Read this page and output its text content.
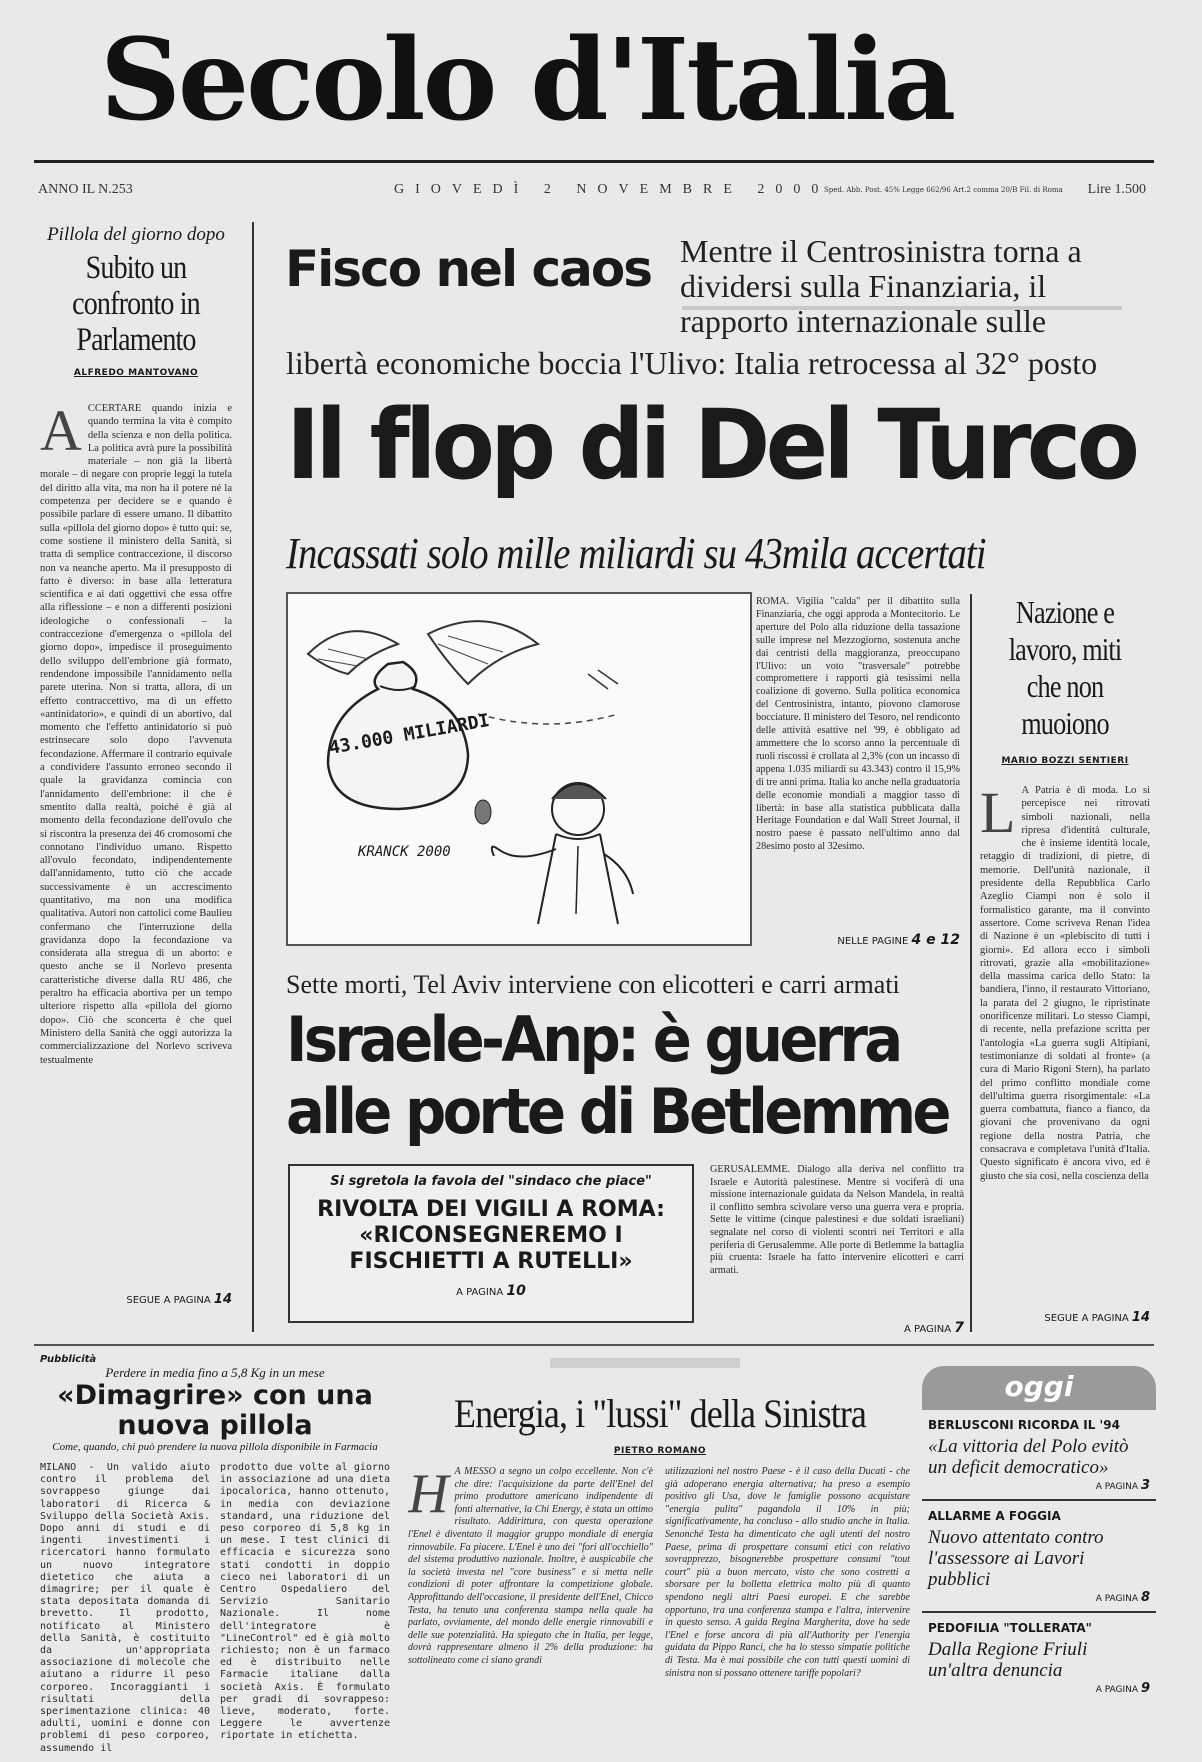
Secolo d'Italia
ANNO IL N.253	GIOVEDÌ 2 NOVEMBRE 2000
Sped. Abb. Post. 45% Legge 662/96 Art.2 comma 20/B Fil. di Roma Lire 1.500
Pillola del giorno dopo
Subito un confronto in Parlamento
ALFREDO MANTOVANO
ACCERTARE quando inizia e quando termina la vita è compito della scienza e non della politica. La politica avrà pure la possibilità materiale – non già la libertà morale – di negare con proprie leggi la tutela del diritto alla vita, ma non ha il potere né la competenza per decidere se e quando è possibile parlare di essere umano. Il dibattito sulla «pillola del giorno dopo» è tutto qui: se, come sostiene il ministero della Sanità, si tratta di semplice contraccezione, il discorso non va neanche aperto. Ma il presupposto di fatto è diverso: in base alla letteratura scientifica e ai dati oggettivi che essa offre alla riflessione – e non a differenti posizioni ideologiche o confessionali – la contraccezione d'emergenza o «pillola del giorno dopo», impedisce il proseguimento dello sviluppo dell'embrione già formato, rendendone impossibile l'annidamento nella parete uterina. Non si tratta, allora, di un effetto contraccettivo, ma di un effetto «antinidatorio», e quindi di un abortivo, dal momento che l'effetto antinidatorio si può estrinsecare solo dopo l'avvenuta fecondazione. Affermare il contrario equivale a condividere l'assunto erroneo secondo il quale la gravidanza comincia con l'annidamento dell'embrione: il che è smentito dalla realtà, poiché è già al momento della fecondazione dell'ovulo che si riscontra la presenza dei 46 cromosomi che connotano l'individuo umano. Rispetto all'ovulo fecondato, indipendentemente dall'annidamento, tutto ciò che accade successivamente è un accrescimento quantitativo, ma non una modifica qualitativa. Autori non cattolici come Baulieu confermano che l'interruzione della gravidanza dopo la fecondazione va considerata alla stregua di un aborto: e questo anche se il Norlevo presenta caratteristiche diverse dalla RU 486, che peraltro ha efficacia abortiva per un tempo ulteriore rispetto alla «pillola del giorno dopo». Ciò che sconcerta è che quel Ministero della Sanità che oggi autorizza la commercializzazione del Norlevo scriveva testualmente
SEGUE A PAGINA 14
Fisco nel caos Mentre il Centrosinistra torna a dividersi sulla Finanziaria, il rapporto internazionale sulle
libertà economiche boccia l'Ulivo: Italia retrocessa al 32° posto
Il flop di Del Turco
Incassati solo mille miliardi su 43mila accertati
43.000 MILIARDI
KRANCK 2000
ROMA. Vigilia "calda" per il dibattito sulla Finanziaria, che oggi approda a Montecitorio. Le aperture del Polo alla riduzione della tassazione sulle imprese nel Mezzogiorno, sostenuta anche dai centristi della maggioranza, preoccupano l'Ulivo: un voto "trasversale" potrebbe compromettere i rapporti già tesissimi nella coalizione di governo. Sulla politica economica del Centrosinistra, intanto, piovono clamorose bocciature. Il ministero del Tesoro, nel rendiconto delle attività esattive nel '99, è obbligato ad ammettere che lo scorso anno la percentuale di ruoli riscossi è crollata al 2,3% (con un incasso di appena 1.035 miliardi su 43.343) contro il 15,9% di tre anni prima. Italia ko anche nella graduatoria delle economie mondiali a maggior tasso di libertà: in base alla statistica pubblicata dalla Heritage Foundation e dal Wall Street Journal, il nostro paese è passato nell'ultimo anno dal 28esimo posto al 32esimo.
NELLE PAGINE 4 e 12
Nazione e lavoro, miti che non muoiono
MARIO BOZZI SENTIERI
L A Patria è di moda. Lo si percepisce nei ritrovati simboli nazionali, nella ripresa d'identità culturale, che è insieme identità locale, retaggio di tradizioni, di pietre, di memorie. Dell'unità nazionale, il presidente della Repubblica Carlo Azeglio Ciampi non è solo il formalistico garante, ma il convinto assertore. Come scriveva Renan l'idea di Nazione è un «plebiscito di tutti i giorni». Ed allora ecco i simboli ritrovati, grazie alla «mobilitazione» della massima carica dello Stato: la bandiera, l'inno, il restaurato Vittoriano, la parata del 2 giugno, le ripristinate onorificenze militari. Lo stesso Ciampi, di recente, nella prefazione scritta per l'antologia «La guerra sugli Altipiani, testimonianze di soldati al fronte» (a cura di Mario Rigoni Stern), ha parlato del primo conflitto mondiale come dell'ultima guerra risorgimentale: «La guerra combattuta, fianco a fianco, da giovani che provenivano da ogni regione della nostra Patria, che consacrava e completava l'unità d'Italia. Questo significato è ancora vivo, ed è giusto che sia così, nella coscienza della
SEGUE A PAGINA 14
Sette morti, Tel Aviv interviene con elicotteri e carri armati
Israele-Anp: è guerra
alle porte di Betlemme
Si sgretola la favola del "sindaco che piace"
RIVOLTA DEI VIGILI A ROMA: «RICONSEGNEREMO I FISCHIETTI A RUTELLI»
A PAGINA 10
GERUSALEMME. Dialogo alla deriva nel conflitto tra Israele e Autorità palestinese. Mentre si vociferà di una missione internazionale guidata da Nelson Mandela, in realtà il conflitto sembra scivolare verso una guerra vera e propria. Sette le vittime (cinque palestinesi e due soldati israeliani) segnalate nel corso di violenti scontri nei Territori e alla periferia di Gerusalemme. Alle porte di Betlemme la battaglia più cruenta: Israele ha fatto intervenire elicotteri e carri armati.
A PAGINA 7
Pubblicità
Perdere in media fino a 5,8 Kg in un mese
«Dimagrire» con una nuova pillola
Come, quando, chi può prendere la nuova pillola disponibile in Farmacia
MILANO - Un valido aiuto contro il problema del sovrappeso giunge dai laboratori di Ricerca & Sviluppo della Società Axis. Dopo anni di studi e di ingenti investimenti i ricercatori hanno formulato un nuovo integratore dietetico che aiuta a dimagrire; per il quale è stata depositata domanda di brevetto. Il prodotto, notificato al Ministero della Sanità, è costituito da un'appropriata associazione di molecole che aiutano a ridurre il peso corporeo. Incoraggianti i risultati della sperimentazione clinica: 40 adulti, uomini e donne con problemi di peso corporeo, assumendo il
prodotto due volte al giorno in associazione ad una dieta ipocalorica, hanno ottenuto, in media con deviazione standard, una riduzione del peso corporeo di 5,8 kg in un mese. I test clinici di efficacia e sicurezza sono stati condotti in doppio cieco nei laboratori di un Centro Ospedaliero del Servizio Sanitario Nazionale. Il nome dell'integratore è "LineControl" ed è già molto richiesto; non è un farmaco ed è distribuito nelle Farmacie italiane dalla società Axis. È formulato per gradi di sovrappeso: lieve, moderato, forte. Leggere le avvertenze riportate in etichetta.
Energia, i "lussi" della Sinistra
PIETRO ROMANO
H A MESSO a segno un colpo eccellente. Non c'è che dire: l'acquisizione da parte dell'Enel del primo produttore americano indipendente di fonti alternative, la Chi Energy, è stata un ottimo risultato. Addirittura, con questa operazione l'Enel è diventato il maggior gruppo mondiale di energia rinnovabile. Fa piacere. L'Enel è uno dei "fori all'occhiello" del sistema produttivo nazionale. Inoltre, è auspicabile che la società investa nel "core business" e si metta nelle condizioni di poter affrontare la competizione globale. Approfittando dell'occasione, il presidente dell'Enel, Chicco Testa, ha tenuto una conferenza stampa nella quale ha parlato, ovviamente, del mondo delle energie rinnovabili e delle sue potenzialità. Ha spiegato che in Italia, per legge, dovrà rappresentare almeno il 2% della produzione: ha sottolineato come ci siano grandi
utilizzazioni nel nostro Paese - è il caso della Ducati - che già adoperano energia alternativa; ha preso a esempio positivo gli Usa, dove le famiglie possono acquistare "energia pulita" pagandola il 10% in più; significativamente, ha concluso - allo studio anche in Italia. Senonché Testa ha dimenticato che agli utenti del nostro Paese, prima di prospettare consumi etici con relativo sovrapprezzo, bisognerebbe prospettare consumi "tout court" più a buon mercato, visto che sono costretti a sborsare per la bolletta elettrica molto più di quanto spendono negli altri Paesi europei. E che sarebbe opportuno, tra una conferenza stampa e l'altra, intervenire in questo senso. A guida Regina Margherita, dove ha sede l'Enel e forse ancora di più all'Authority per l'energia guidata da Pippo Ranci, che ha lo stesso simpatie politiche di Testa. Ma è mai possibile che con tutti questi uomini di sinistra non si possano ottenere tariffe popolari?
oggi
BERLUSCONI RICORDA IL '94
«La vittoria del Polo evitò un deficit democratico»
A PAGINA 3
ALLARME A FOGGIA
Nuovo attentato contro l'assessore ai Lavori pubblici
A PAGINA 8
PEDOFILIA "TOLLERATA"
Dalla Regione Friuli un'altra denuncia
A PAGINA 9
